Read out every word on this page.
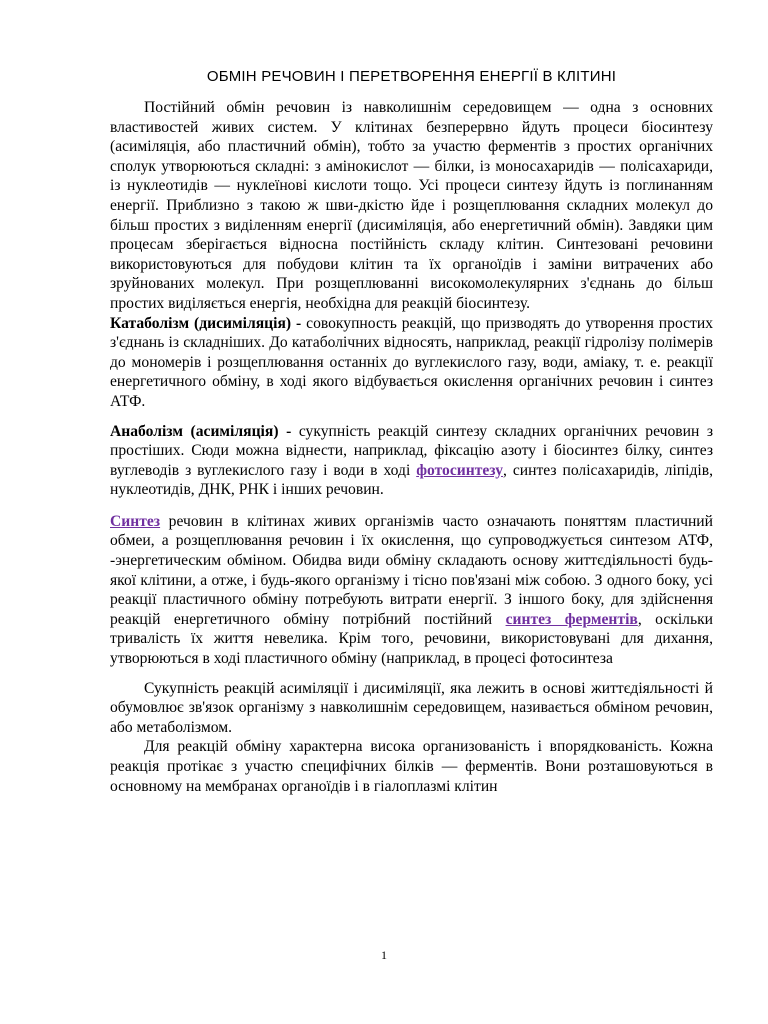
ОБМІН РЕЧОВИН І ПЕРЕТВОРЕННЯ ЕНЕРГІЇ В КЛІТИНІ

Постійний обмін речовин із навколишнім середовищем — одна з основних властивостей живих систем. У клітинах безперервно йдуть процеси біосинтезу (асиміляція, або пластичний обмін), тобто за участю ферментів з простих органічних сполук утворюються складні: з амінокислот — білки, із моносахаридів — полісахариди, із нуклеотидів — нуклеїнові кислоти тощо. Усі процеси синтезу йдуть із поглинанням енергії. Приблизно з такою ж шви-дкістю йде і розщеплювання складних молекул до більш простих з виділенням енергії (дисиміляція, або енергетичний обмін). Завдяки цим процесам зберігається відносна постійність складу клітин. Синтезовані речовини використовуються для побудови клітин та їх органоїдів і заміни витрачених або зруйнованих молекул. При розщеплюванні високомолекулярних з'єднань до більш простих виділяється енергія, необхідна для реакцій біосинтезу.

Катаболізм (дисиміляція) - совокупность реакцій, що призводять до утворення простих з'єднань із складніших. До катаболічних відносять, наприклад, реакції гідролізу полімерів до мономерів і розщеплювання останніх до вуглекислого газу, води, аміаку, т. е. реакції енергетичного обміну, в ході якого відбувається окислення органічних речовин і синтез АТФ.

Анаболізм (асиміляція) - сукупність реакцій синтезу складних органічних речовин з простіших. Сюди можна віднести, наприклад, фіксацію азоту і біосинтез білку, синтез вуглеводів з вуглекислого газу і води в ході фотосинтезу, синтез полісахаридів, ліпідів, нуклеотидів, ДНК, РНК і інших речовин.

Синтез речовин в клітинах живих організмів часто означають поняттям пластичний обмеи, а розщеплювання речовин і їх окислення, що супроводжується синтезом АТФ, -энергетическим обміном. Обидва види обміну складають основу життєдіяльності будь-якої клітини, а отже, і будь-якого організму і тісно пов'язані між собою. З одного боку, усі реакції пластичного обміну потребують витрати енергії. З іншого боку, для здійснення реакцій енергетичного обміну потрібний постійний синтез ферментів, оскільки тривалість їх життя невелика. Крім того, речовини, використовувані для дихання, утворюються в ході пластичного обміну (наприклад, в процесі фотосинтеза

Сукупність реакцій асиміляції і дисиміляції, яка лежить в основі життєдіяльності й обумовлює зв'язок організму з навколишнім середовищем, називається обміном речовин, або метаболізмом.

Для реакцій обміну характерна висока организованість і впорядкованість. Кожна реакція протікає з участю специфічних білків — ферментів. Вони розташовуються в основному на мембранах органоїдів і в гіалоплазмі клітин

1
